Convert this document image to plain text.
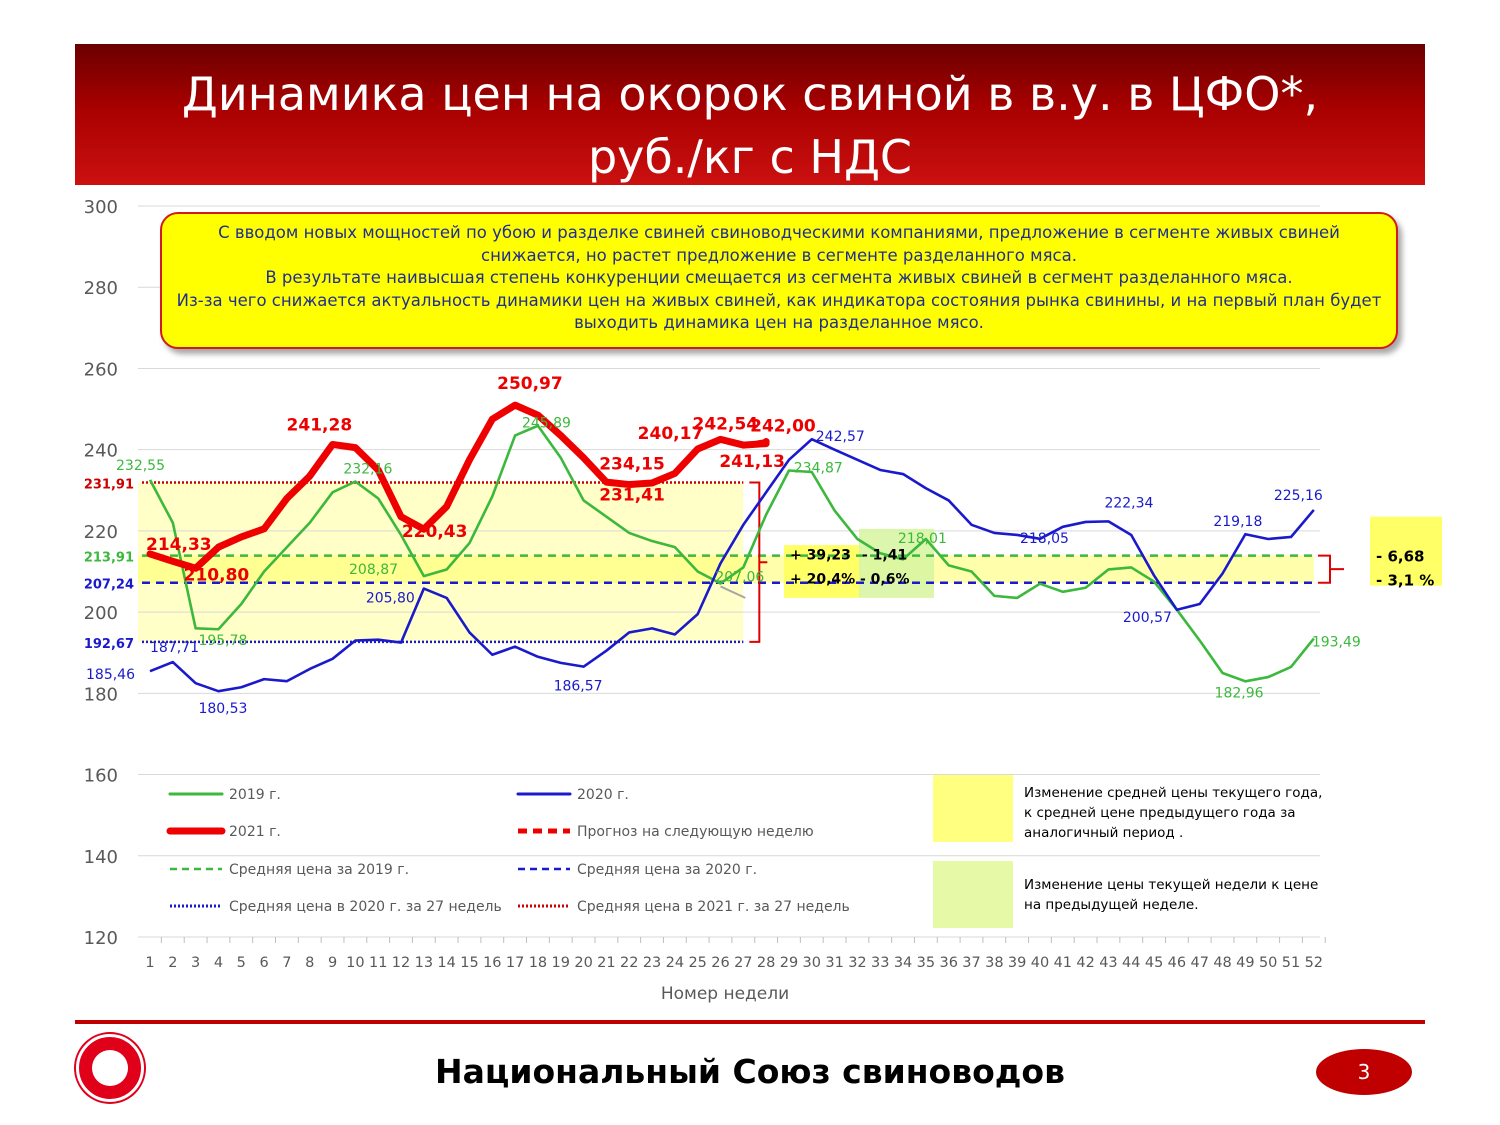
Динамика цен на окорок свиной в в.у. в ЦФО*,
руб./кг с НДС
120
140
160
180
200
220
240
260
280
300
1 2 3 4 5 6 7 8 9 10 11 12 13 14 15 16 17 18 19 20 21 22 23 24 25 26 27 28 29 30 31 32 33 34 35 36 37 38 39 40 41 42 43 44 45 46 47 48 49 50 51 52
Номер недели
232,55
195,78
232,16
208,87
245,89
207,06
234,87
218,01
193,49
182,96
185,46
187,71
180,53
205,80
186,57
242,57
218,05
222,34
200,57
219,18
225,16
214,33
210,80
241,28
220,43
250,97
234,15
231,41
240,17
242,54
241,13
242,00
231,91
213,91
207,24
192,67
+ 39,23
+ 20,4%
- 1,41
- 0,6%
- 6,68
- 3,1 %
2019 г.	2020 г.
2021 г.	Прогноз на следующую неделю
Средняя цена за 2019 г.	Средняя цена за 2020 г.
Средняя цена в 2020 г. за 27 недель	Средняя цена в 2021 г. за 27 недель
Изменение средней цены текущего года,
к средней цене предыдущего года за
аналогичный период .
Изменение цены текущей недели к цене
на предыдущей неделе.
С вводом новых мощностей по убою и разделке свиней свиноводческими компаниями, предложение в сегменте живых свиней
снижается, но растет предложение в сегменте разделанного мяса.
В результате наивысшая степень конкуренции смещается из сегмента живых свиней в сегмент разделанного мяса.
Из-за чего снижается актуальность динамики цен на живых свиней, как индикатора состояния рынка свинины, и на первый план будет
выходить динамика цен на разделанное мясо.
Национальный Союз свиноводов	3
